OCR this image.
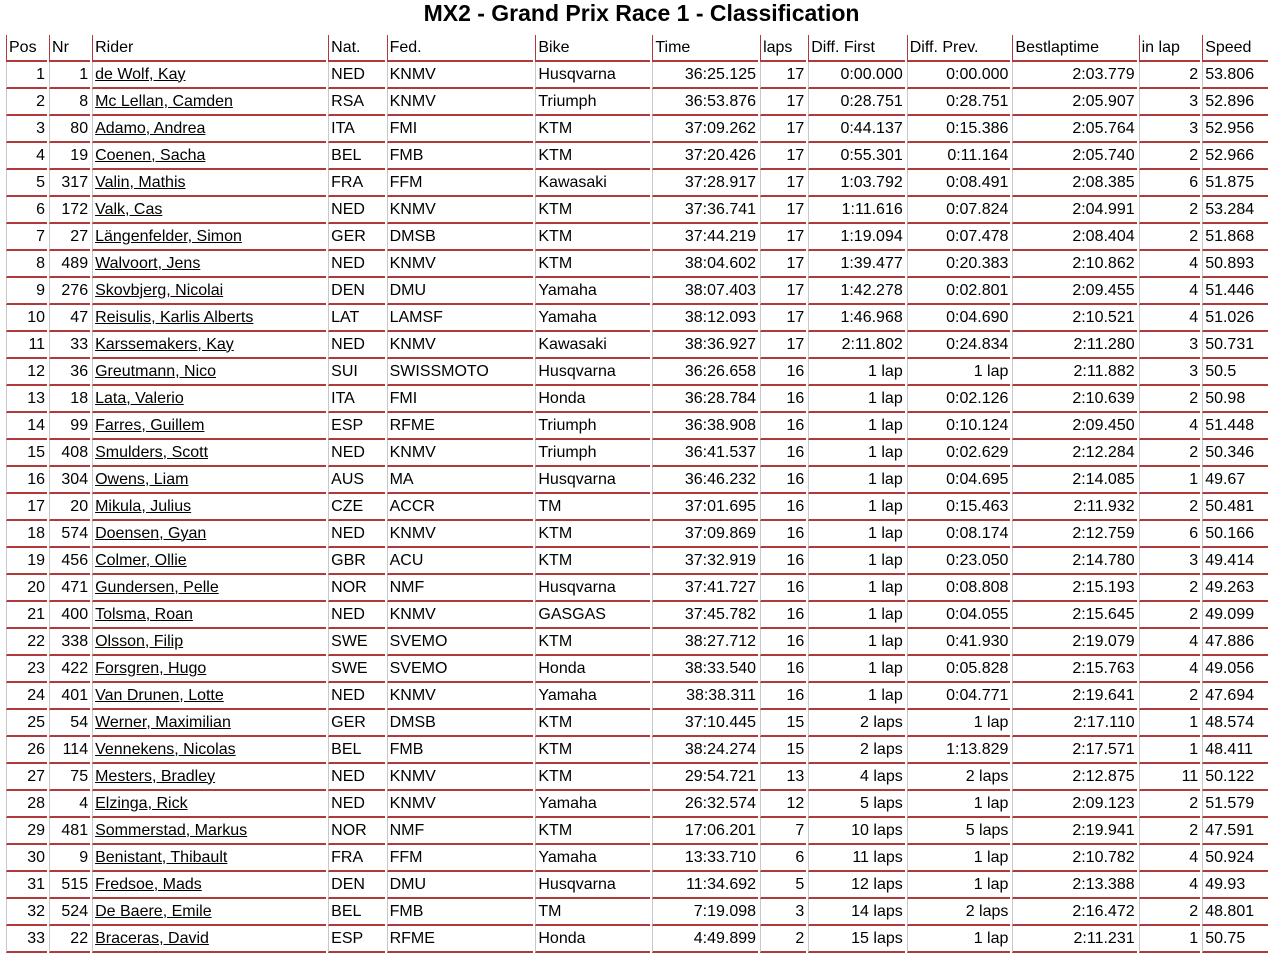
MX2 - Grand Prix Race 1 - Classification
Pos	Nr	Rider	Nat.	Fed.	Bike	Time	laps	Diff. First	Diff. Prev.	Bestlaptime	in lap	Speed
1	1	de Wolf, Kay	NED	KNMV	Husqvarna	36:25.125	17	0:00.000	0:00.000	2:03.779	2	53.806
2	8	Mc Lellan, Camden	RSA	KNMV	Triumph	36:53.876	17	0:28.751	0:28.751	2:05.907	3	52.896
3	80	Adamo, Andrea	ITA	FMI	KTM	37:09.262	17	0:44.137	0:15.386	2:05.764	3	52.956
4	19	Coenen, Sacha	BEL	FMB	KTM	37:20.426	17	0:55.301	0:11.164	2:05.740	2	52.966
5	317	Valin, Mathis	FRA	FFM	Kawasaki	37:28.917	17	1:03.792	0:08.491	2:08.385	6	51.875
6	172	Valk, Cas	NED	KNMV	KTM	37:36.741	17	1:11.616	0:07.824	2:04.991	2	53.284
7	27	Längenfelder, Simon	GER	DMSB	KTM	37:44.219	17	1:19.094	0:07.478	2:08.404	2	51.868
8	489	Walvoort, Jens	NED	KNMV	KTM	38:04.602	17	1:39.477	0:20.383	2:10.862	4	50.893
9	276	Skovbjerg, Nicolai	DEN	DMU	Yamaha	38:07.403	17	1:42.278	0:02.801	2:09.455	4	51.446
10	47	Reisulis, Karlis Alberts	LAT	LAMSF	Yamaha	38:12.093	17	1:46.968	0:04.690	2:10.521	4	51.026
11	33	Karssemakers, Kay	NED	KNMV	Kawasaki	38:36.927	17	2:11.802	0:24.834	2:11.280	3	50.731
12	36	Greutmann, Nico	SUI	SWISSMOTO	Husqvarna	36:26.658	16	1 lap	1 lap	2:11.882	3	50.5
13	18	Lata, Valerio	ITA	FMI	Honda	36:28.784	16	1 lap	0:02.126	2:10.639	2	50.98
14	99	Farres, Guillem	ESP	RFME	Triumph	36:38.908	16	1 lap	0:10.124	2:09.450	4	51.448
15	408	Smulders, Scott	NED	KNMV	Triumph	36:41.537	16	1 lap	0:02.629	2:12.284	2	50.346
16	304	Owens, Liam	AUS	MA	Husqvarna	36:46.232	16	1 lap	0:04.695	2:14.085	1	49.67
17	20	Mikula, Julius	CZE	ACCR	TM	37:01.695	16	1 lap	0:15.463	2:11.932	2	50.481
18	574	Doensen, Gyan	NED	KNMV	KTM	37:09.869	16	1 lap	0:08.174	2:12.759	6	50.166
19	456	Colmer, Ollie	GBR	ACU	KTM	37:32.919	16	1 lap	0:23.050	2:14.780	3	49.414
20	471	Gundersen, Pelle	NOR	NMF	Husqvarna	37:41.727	16	1 lap	0:08.808	2:15.193	2	49.263
21	400	Tolsma, Roan	NED	KNMV	GASGAS	37:45.782	16	1 lap	0:04.055	2:15.645	2	49.099
22	338	Olsson, Filip	SWE	SVEMO	KTM	38:27.712	16	1 lap	0:41.930	2:19.079	4	47.886
23	422	Forsgren, Hugo	SWE	SVEMO	Honda	38:33.540	16	1 lap	0:05.828	2:15.763	4	49.056
24	401	Van Drunen, Lotte	NED	KNMV	Yamaha	38:38.311	16	1 lap	0:04.771	2:19.641	2	47.694
25	54	Werner, Maximilian	GER	DMSB	KTM	37:10.445	15	2 laps	1 lap	2:17.110	1	48.574
26	114	Vennekens, Nicolas	BEL	FMB	KTM	38:24.274	15	2 laps	1:13.829	2:17.571	1	48.411
27	75	Mesters, Bradley	NED	KNMV	KTM	29:54.721	13	4 laps	2 laps	2:12.875	11	50.122
28	4	Elzinga, Rick	NED	KNMV	Yamaha	26:32.574	12	5 laps	1 lap	2:09.123	2	51.579
29	481	Sommerstad, Markus	NOR	NMF	KTM	17:06.201	7	10 laps	5 laps	2:19.941	2	47.591
30	9	Benistant, Thibault	FRA	FFM	Yamaha	13:33.710	6	11 laps	1 lap	2:10.782	4	50.924
31	515	Fredsoe, Mads	DEN	DMU	Husqvarna	11:34.692	5	12 laps	1 lap	2:13.388	4	49.93
32	524	De Baere, Emile	BEL	FMB	TM	7:19.098	3	14 laps	2 laps	2:16.472	2	48.801
33	22	Braceras, David	ESP	RFME	Honda	4:49.899	2	15 laps	1 lap	2:11.231	1	50.75
